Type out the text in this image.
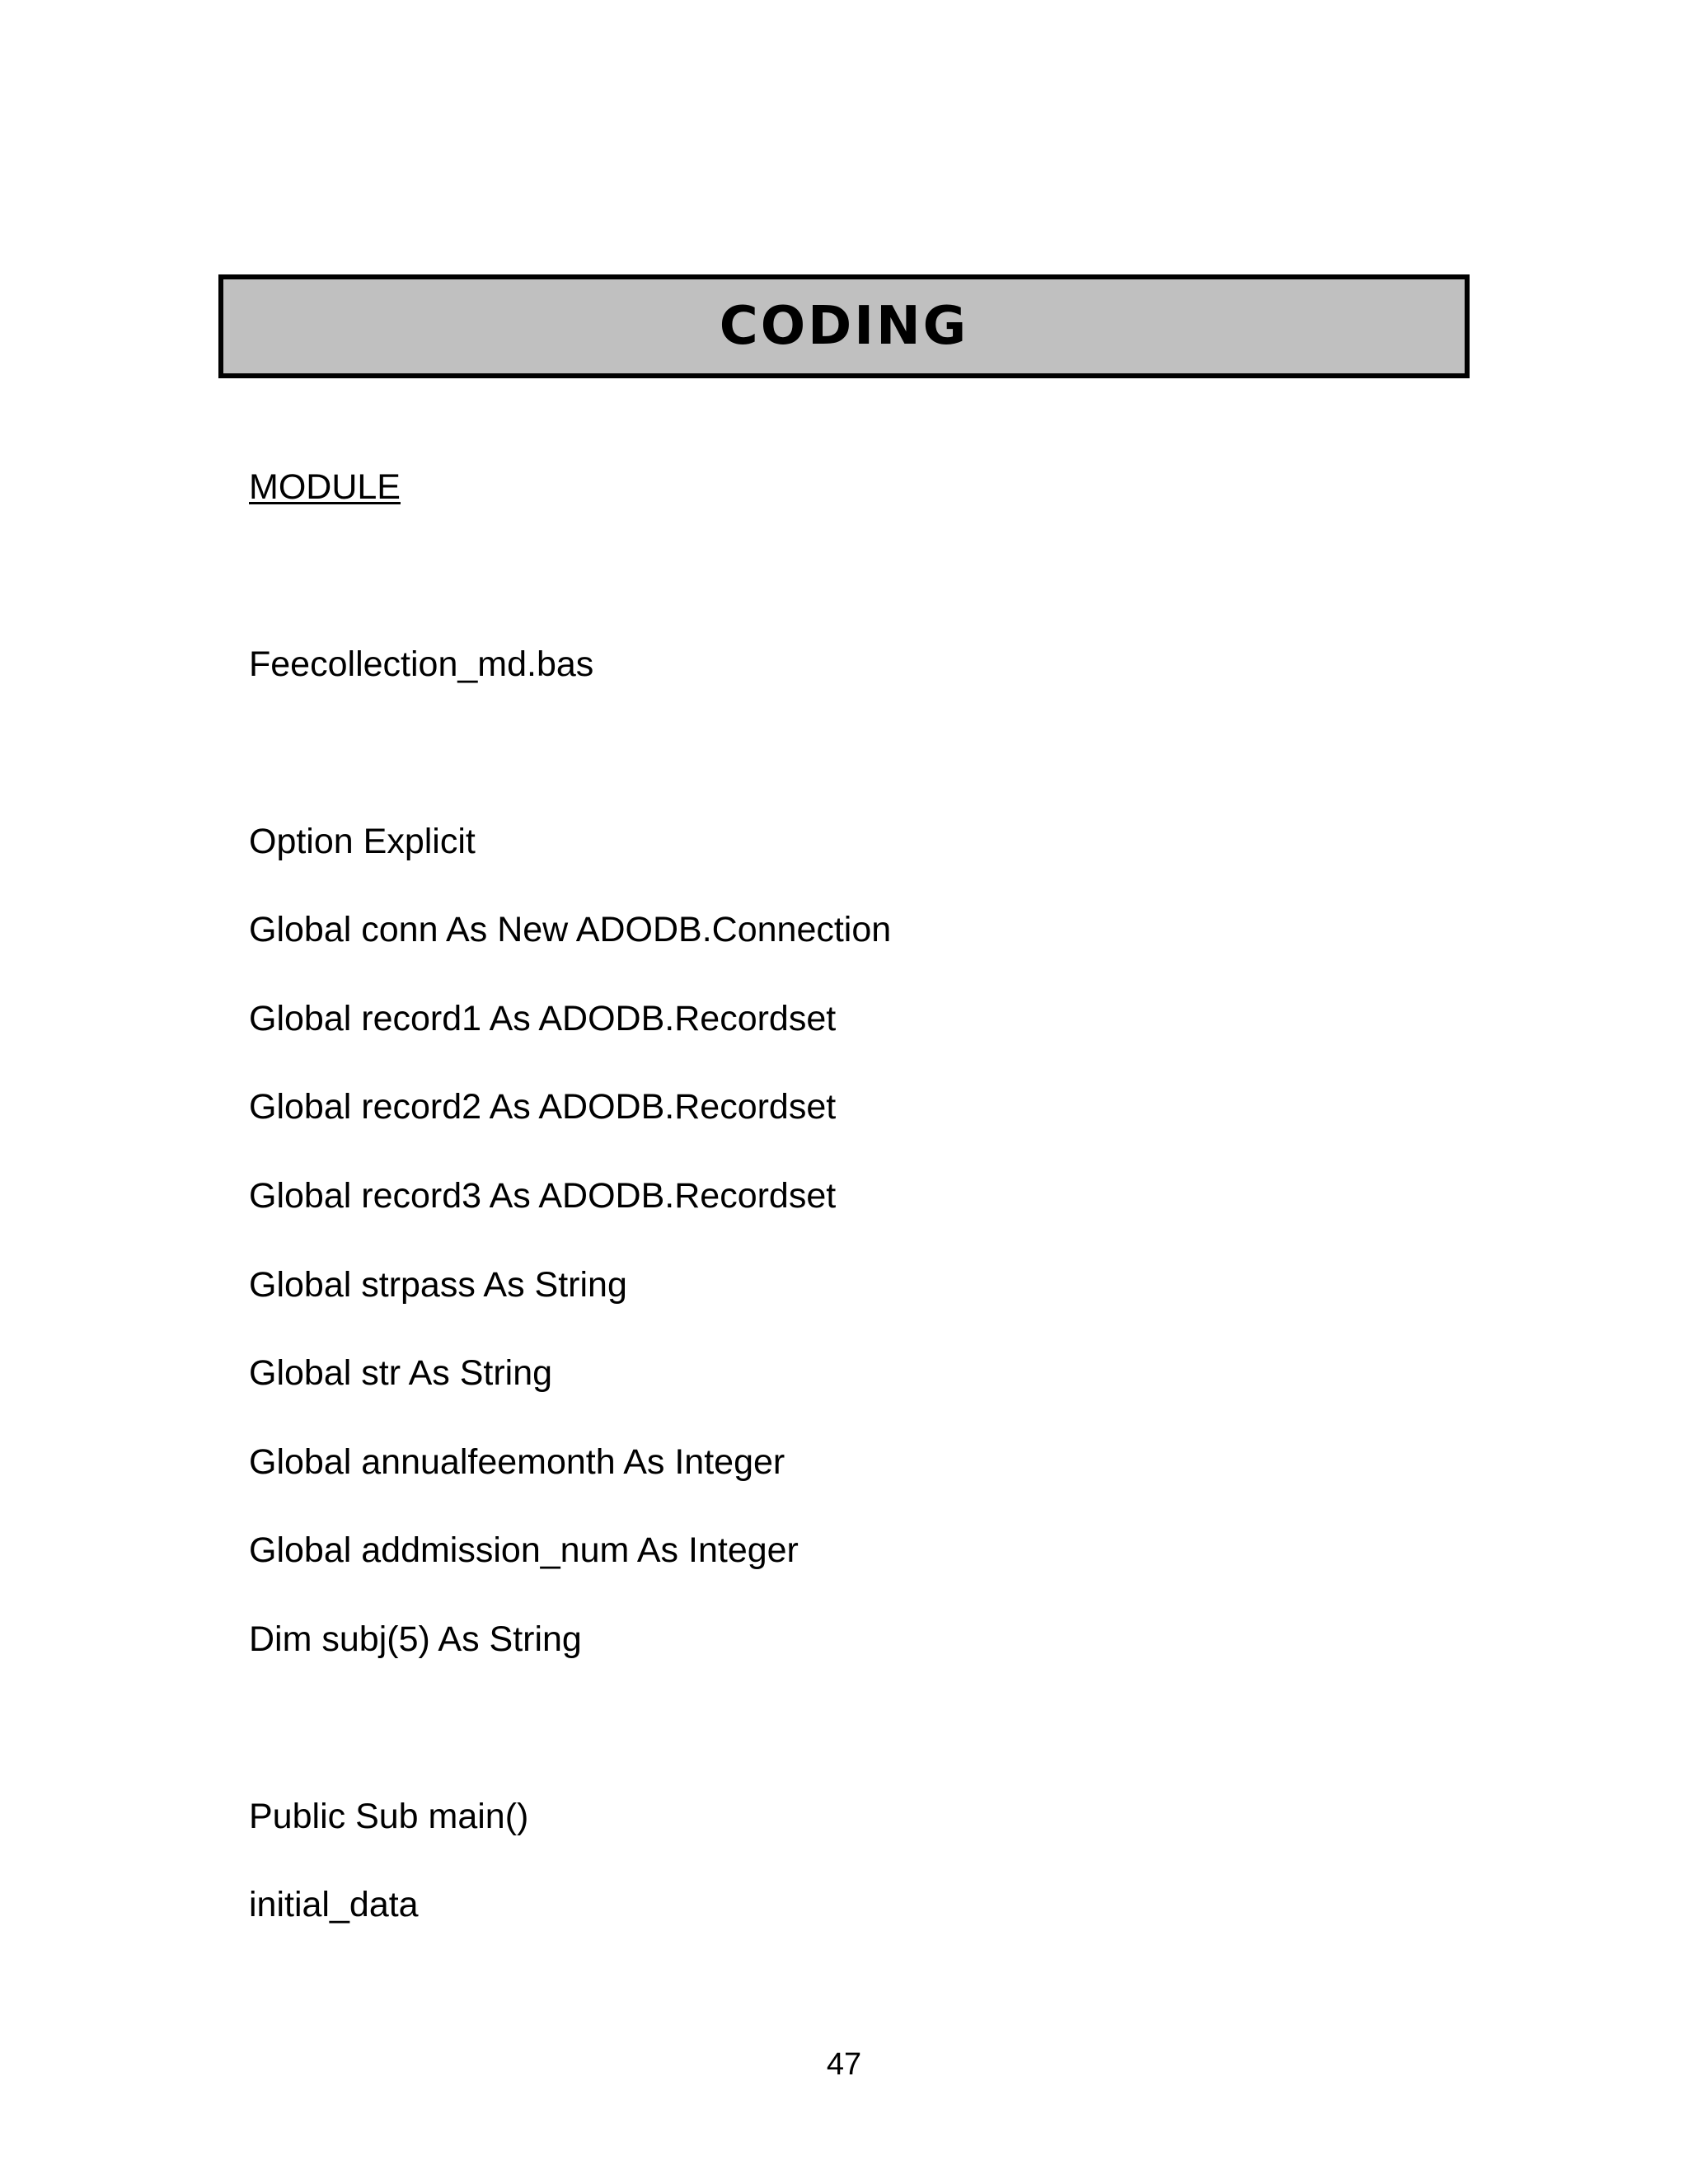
CODING
MODULE
Feecollection_md.bas
Option Explicit
Global conn As New ADODB.Connection
Global record1 As ADODB.Recordset
Global record2 As ADODB.Recordset
Global record3 As ADODB.Recordset
Global strpass As String
Global str As String
Global annualfeemonth As Integer
Global addmission_num As Integer
Dim subj(5) As String
Public Sub main()
initial_data
47
